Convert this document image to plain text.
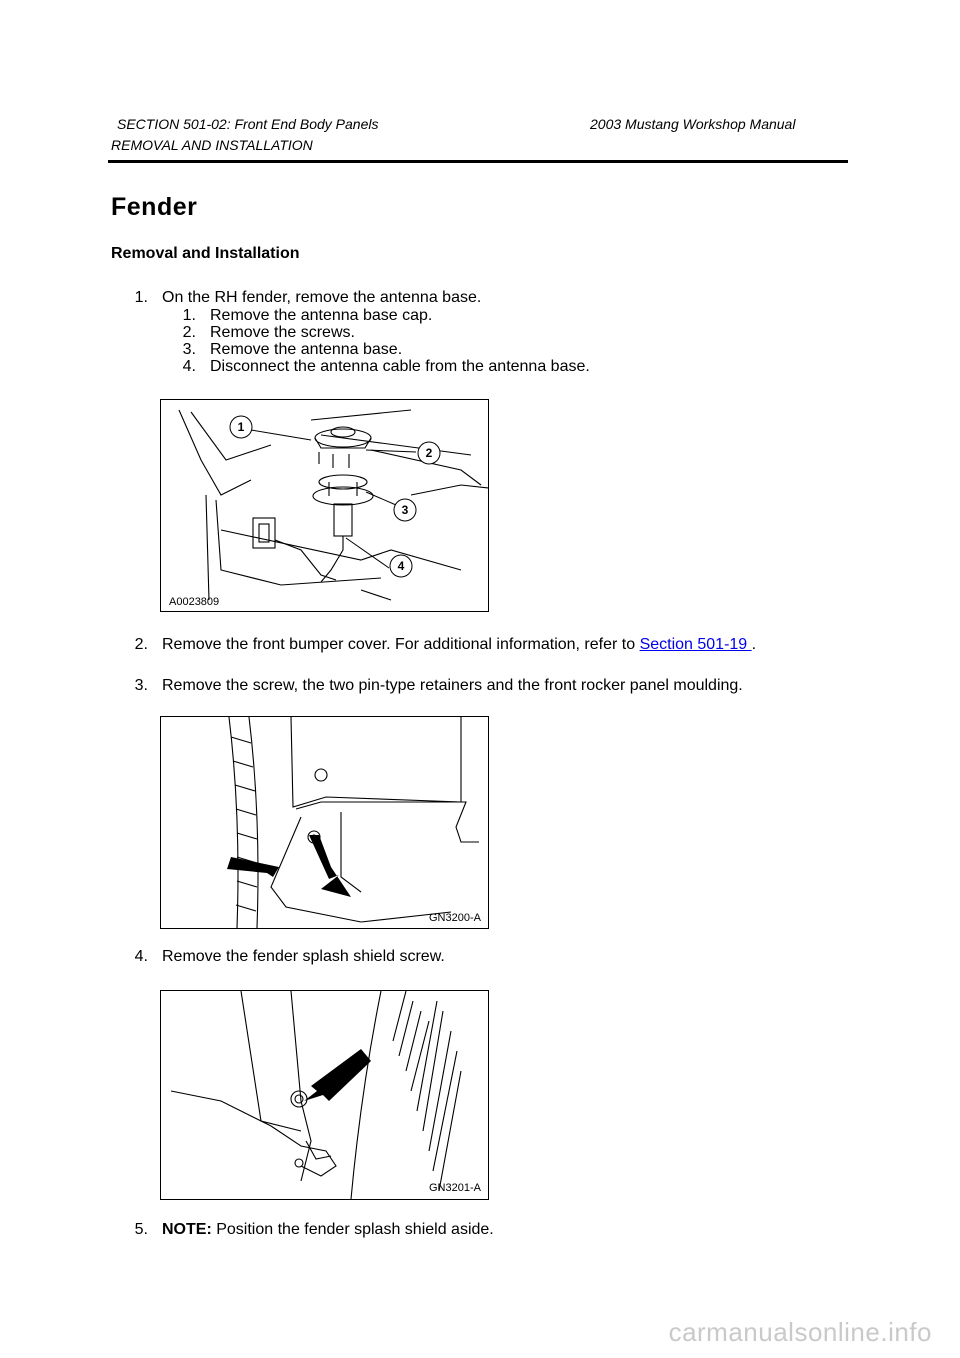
SECTION 501-02: Front End Body Panels	2003 Mustang Workshop Manual
REMOVAL AND INSTALLATION
Fender
Removal and Installation
1. On the RH fender, remove the antenna base.
1. Remove the antenna base cap.
2. Remove the screws.
3. Remove the antenna base.
4. Disconnect the antenna cable from the antenna base.
1
2
3
4
A0023809
2. Remove the front bumper cover. For additional information, refer to Section 501-19 .
3. Remove the screw, the two pin-type retainers and the front rocker panel moulding.
GN3200-A
4. Remove the fender splash shield screw.
GN3201-A
5. NOTE: Position the fender splash shield aside.
carmanualsonline.info
